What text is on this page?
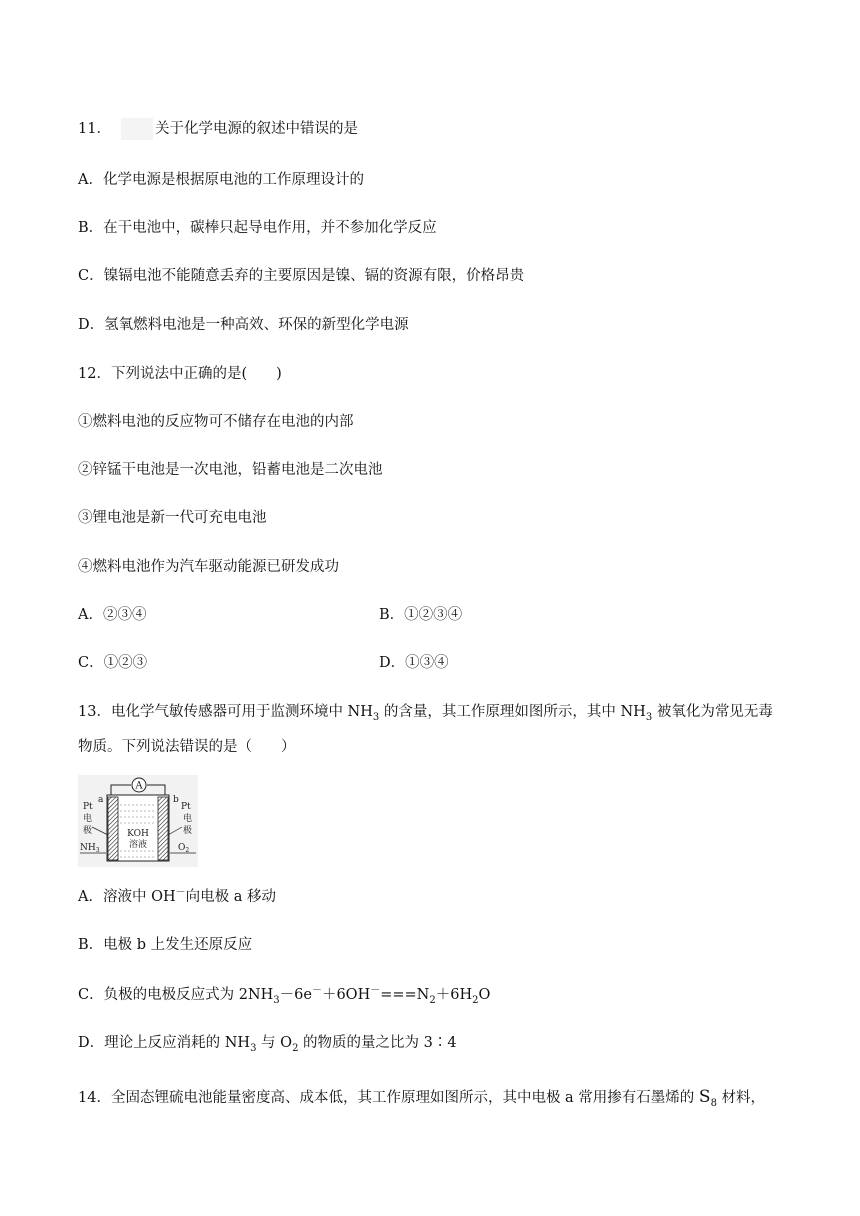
11．	关于化学电源的叙述中错误的是
A．化学电源是根据原电池的工作原理设计的
B．在干电池中，碳棒只起导电作用，并不参加化学反应
C．镍镉电池不能随意丢弃的主要原因是镍、镉的资源有限，价格昂贵
D．氢氧燃料电池是一种高效、环保的新型化学电源
12．下列说法中正确的是(　　)
①燃料电池的反应物可不储存在电池的内部
②锌锰干电池是一次电池，铅蓄电池是二次电池
③锂电池是新一代可充电电池
④燃料电池作为汽车驱动能源已研发成功
A．②③④	B．①②③④
C．①②③	D．①③④
13．电化学气敏传感器可用于监测环境中 $NH_3$ 的含量，其工作原理如图所示，其中 $NH_3$ 被氧化为常见无毒
物质。下列说法错误的是（　　）
A
Pt
a
电
极
$NH_3$
Pt
b
电
极
$O_2$
KOH
溶液
A．溶液中 OH－向电极 a 移动
B．电极 b 上发生还原反应
C．负极的电极反应式为 $2NH_3-6e^-+6OH^-===N_2+6H_2O$
D．理论上反应消耗的 $NH_3$ 与 $O_2$ 的物质的量之比为 3∶4
14．全固态锂硫电池能量密度高、成本低，其工作原理如图所示，其中电极 a 常用掺有石墨烯的 $S_8$ 材料，
